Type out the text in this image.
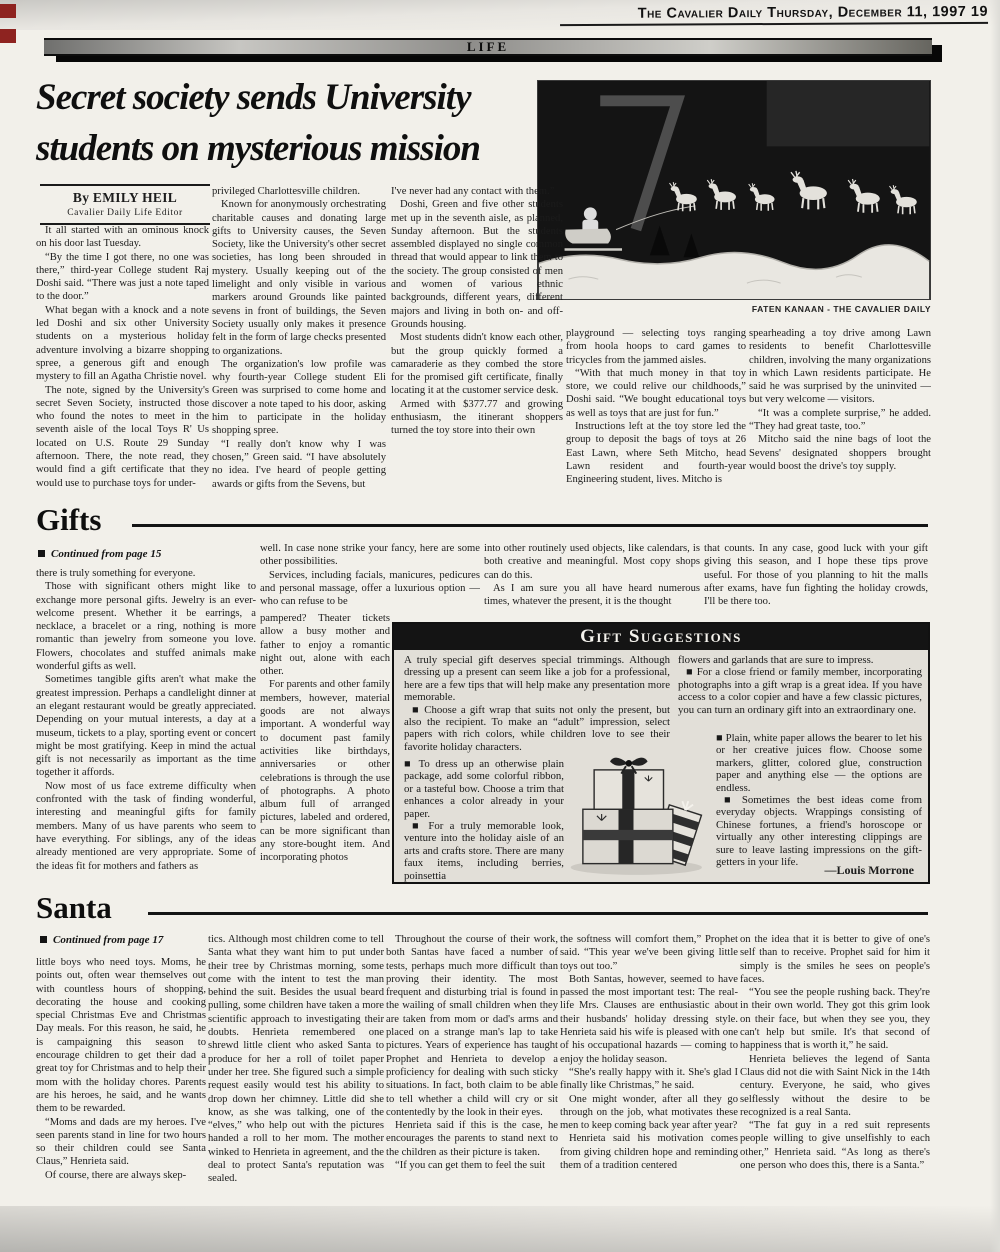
The Cavalier Daily Thursday, December 11, 1997 19
LIFE
Secret society sends University students on mysterious mission
By EMILY HEIL
Cavalier Daily Life Editor
FATEN KANAAN - THE CAVALIER DAILY

It all started with an ominous knock on his door last Tuesday.

“By the time I got there, no one was there,” third-year College student Raj Doshi said. “There was just a note taped to the door.”

What began with a knock and a note led Doshi and six other University students on a mysterious holiday adventure involving a bizarre shopping spree, a generous gift and enough mystery to fill an Agatha Christie novel.

The note, signed by the University's secret Seven Society, instructed those who found the notes to meet in the seventh aisle of the local Toys R' Us located on U.S. Route 29 Sunday afternoon. There, the note read, they would find a gift certificate that they would use to purchase toys for under-

privileged Charlottesville children.

Known for anonymously orchestrating charitable causes and donating large gifts to University causes, the Seven Society, like the University's other secret societies, has long been shrouded in mystery. Usually keeping out of the limelight and only visible in various markers around Grounds like painted sevens in front of buildings, the Seven Society usually only makes it presence felt in the form of large checks presented to organizations.

The organization's low profile was why fourth-year College student Eli Green was surprised to come home and discover a note taped to his door, asking him to participate in the holiday shopping spree.

“I really don't know why I was chosen,” Green said. “I have absolutely no idea. I've heard of people getting awards or gifts from the Sevens, but

I've never had any contact with them.”

Doshi, Green and five other students met up in the seventh aisle, as planned, Sunday afternoon. But the students assembled displayed no single common thread that would appear to link them to the society. The group consisted of men and women of various ethnic backgrounds, different years, different majors and living in both on- and off-Grounds housing.

Most students didn't know each other, but the group quickly formed a camaraderie as they combed the store for the promised gift certificate, finally locating it at the customer service desk.

Armed with $377.77 and growing enthusiasm, the itinerant shoppers turned the toy store into their own

playground — selecting toys ranging from hoola hoops to card games to tricycles from the jammed aisles.

“With that much money in that toy store, we could relive our childhoods,” Doshi said. “We bought educational toys as well as toys that are just for fun.”

Instructions left at the toy store led the group to deposit the bags of toys at 26 East Lawn, where Seth Mitcho, head Lawn resident and fourth-year Engineering student, lives. Mitcho is

spearheading a toy drive among Lawn residents to benefit Charlottesville children, involving the many organizations in which Lawn residents participate. He said he was surprised by the uninvited — but very welcome — visitors.

“It was a complete surprise,” he added. “They had great taste, too.”

Mitcho said the nine bags of loot the Sevens' designated shoppers brought would boost the drive's toy supply.

Gifts
Continued from page 15

there is truly something for everyone.

Those with significant others might like to exchange more personal gifts. Jewelry is an ever-welcome present. Whether it be earrings, a necklace, a bracelet or a ring, nothing is more romantic than jewelry from someone you love. Flowers, chocolates and stuffed animals make wonderful gifts as well.

Sometimes tangible gifts aren't what make the greatest impression. Perhaps a candlelight dinner at an elegant restaurant would be greatly appreciated. Depending on your mutual interests, a day at a museum, tickets to a play, sporting event or concert might be most gratifying. Keep in mind the actual gift is not necessarily as important as the time together it affords.

Now most of us face extreme difficulty when confronted with the task of finding wonderful, interesting and meaningful gifts for family members. Many of us have parents who seem to have everything. For siblings, any of the ideas already mentioned are very appropriate. Some of the ideas fit for mothers and fathers as

well. In case none strike your fancy, here are some other possibilities.

Services, including facials, manicures, pedicures and personal massage, offer a luxurious option — who can refuse to be

pampered? Theater tickets allow a busy mother and father to enjoy a romantic night out, alone with each other.

For parents and other family members, however, material goods are not always important. A wonderful way to document past family activities like birthdays, anniversaries or other celebrations is through the use of photographs. A photo album full of arranged pictures, labeled and ordered, can be more significant than any store-bought item. And incorporating photos

into other routinely used objects, like calendars, is both creative and meaningful. Most copy shops can do this.

As I am sure you all have heard numerous times, whatever the present, it is the thought

that counts. In any case, good luck with your gift giving this season, and I hope these tips prove useful. For those of you planning to hit the malls after exams, have fun fighting the holiday crowds, I'll be there too.

Gift Suggestions

A truly special gift deserves special trimmings. Although dressing up a present can seem like a job for a professional, here are a few tips that will help make any presentation more memorable.

■ Choose a gift wrap that suits not only the present, but also the recipient. To make an “adult” impression, select papers with rich colors, while children love to see their favorite holiday characters.

■ To dress up an otherwise plain package, add some colorful ribbon, or a tasteful bow. Choose a trim that enhances a color already in your paper.

■ For a truly memorable look, venture into the holiday aisle of an arts and crafts store. There are many faux items, including berries, poinsettia

flowers and garlands that are sure to impress.

■ For a close friend or family member, incorporating photographs into a gift wrap is a great idea. If you have access to a color copier and have a few classic pictures, you can turn an ordinary gift into an extraordinary one.

■ Plain, white paper allows the bearer to let his or her creative juices flow. Choose some markers, glitter, colored glue, construction paper and anything else — the options are endless.

■ Sometimes the best ideas come from everyday objects. Wrappings consisting of Chinese fortunes, a friend's horoscope or virtually any other interesting clippings are sure to leave lasting impressions on the gift-getters in your life.

—Louis Morrone
Santa
Continued from page 17

little boys who need toys. Moms, he points out, often wear themselves out with countless hours of shopping, decorating the house and cooking special Christmas Eve and Christmas Day meals. For this reason, he said, he is campaigning this season to encourage children to get their dad a great toy for Christmas and to help their mom with the holiday chores. Parents are his heroes, he said, and he wants them to be rewarded.

“Moms and dads are my heroes. I've seen parents stand in line for two hours so their children could see Santa Claus,” Henrieta said.

Of course, there are always skep-

tics. Although most children come to tell Santa what they want him to put under their tree by Christmas morning, some come with the intent to test the man behind the suit. Besides the usual beard pulling, some children have taken a more scientific approach to investigating their doubts. Henrieta remembered one shrewd little client who asked Santa to produce for her a roll of toilet paper under her tree. She figured such a simple request easily would test his ability to drop down her chimney. Little did she know, as she was talking, one of the “elves,” who help out with the pictures handed a roll to her mom. The mother winked to Henrieta in agreement, and the deal to protect Santa's reputation was sealed.

Throughout the course of their work, both Santas have faced a number of tests, perhaps much more difficult than proving their identity. The most frequent and disturbing trial is found in the wailing of small children when they are taken from mom or dad's arms and placed on a strange man's lap to take pictures. Years of experience has taught Prophet and Henrieta to develop a proficiency for dealing with such sticky situations. In fact, both claim to be able to tell whether a child will cry or sit contentedly by the look in their eyes.

Henrieta said if this is the case, he encourages the parents to stand next to the children as their picture is taken.

“If you can get them to feel the suit

the softness will comfort them,” Prophet said. “This year we've been giving little toys out too.”

Both Santas, however, seemed to have passed the most important test: The real-life Mrs. Clauses are enthusiastic about their husbands' holiday dressing style. Henrieta said his wife is pleased with one of his occupational hazards — coming to enjoy the holiday season.

“She's really happy with it. She's glad I finally like Christmas,” he said.

One might wonder, after all they go through on the job, what motivates these men to keep coming back year after year?

Henrieta said his motivation comes from giving children hope and reminding them of a tradition centered

on the idea that it is better to give of one's self than to receive. Prophet said for him it simply is the smiles he sees on people's faces.

“You see the people rushing back. They're in their own world. They got this grim look on their face, but when they see you, they can't help but smile. It's that second of happiness that is worth it,” he said.

Henrieta believes the legend of Santa Claus did not die with Saint Nick in the 14th century. Everyone, he said, who gives selflessly without the desire to be recognized is a real Santa.

“The fat guy in a red suit represents people willing to give unselfishly to each other,” Henrieta said. “As long as there's one person who does this, there is a Santa.”
